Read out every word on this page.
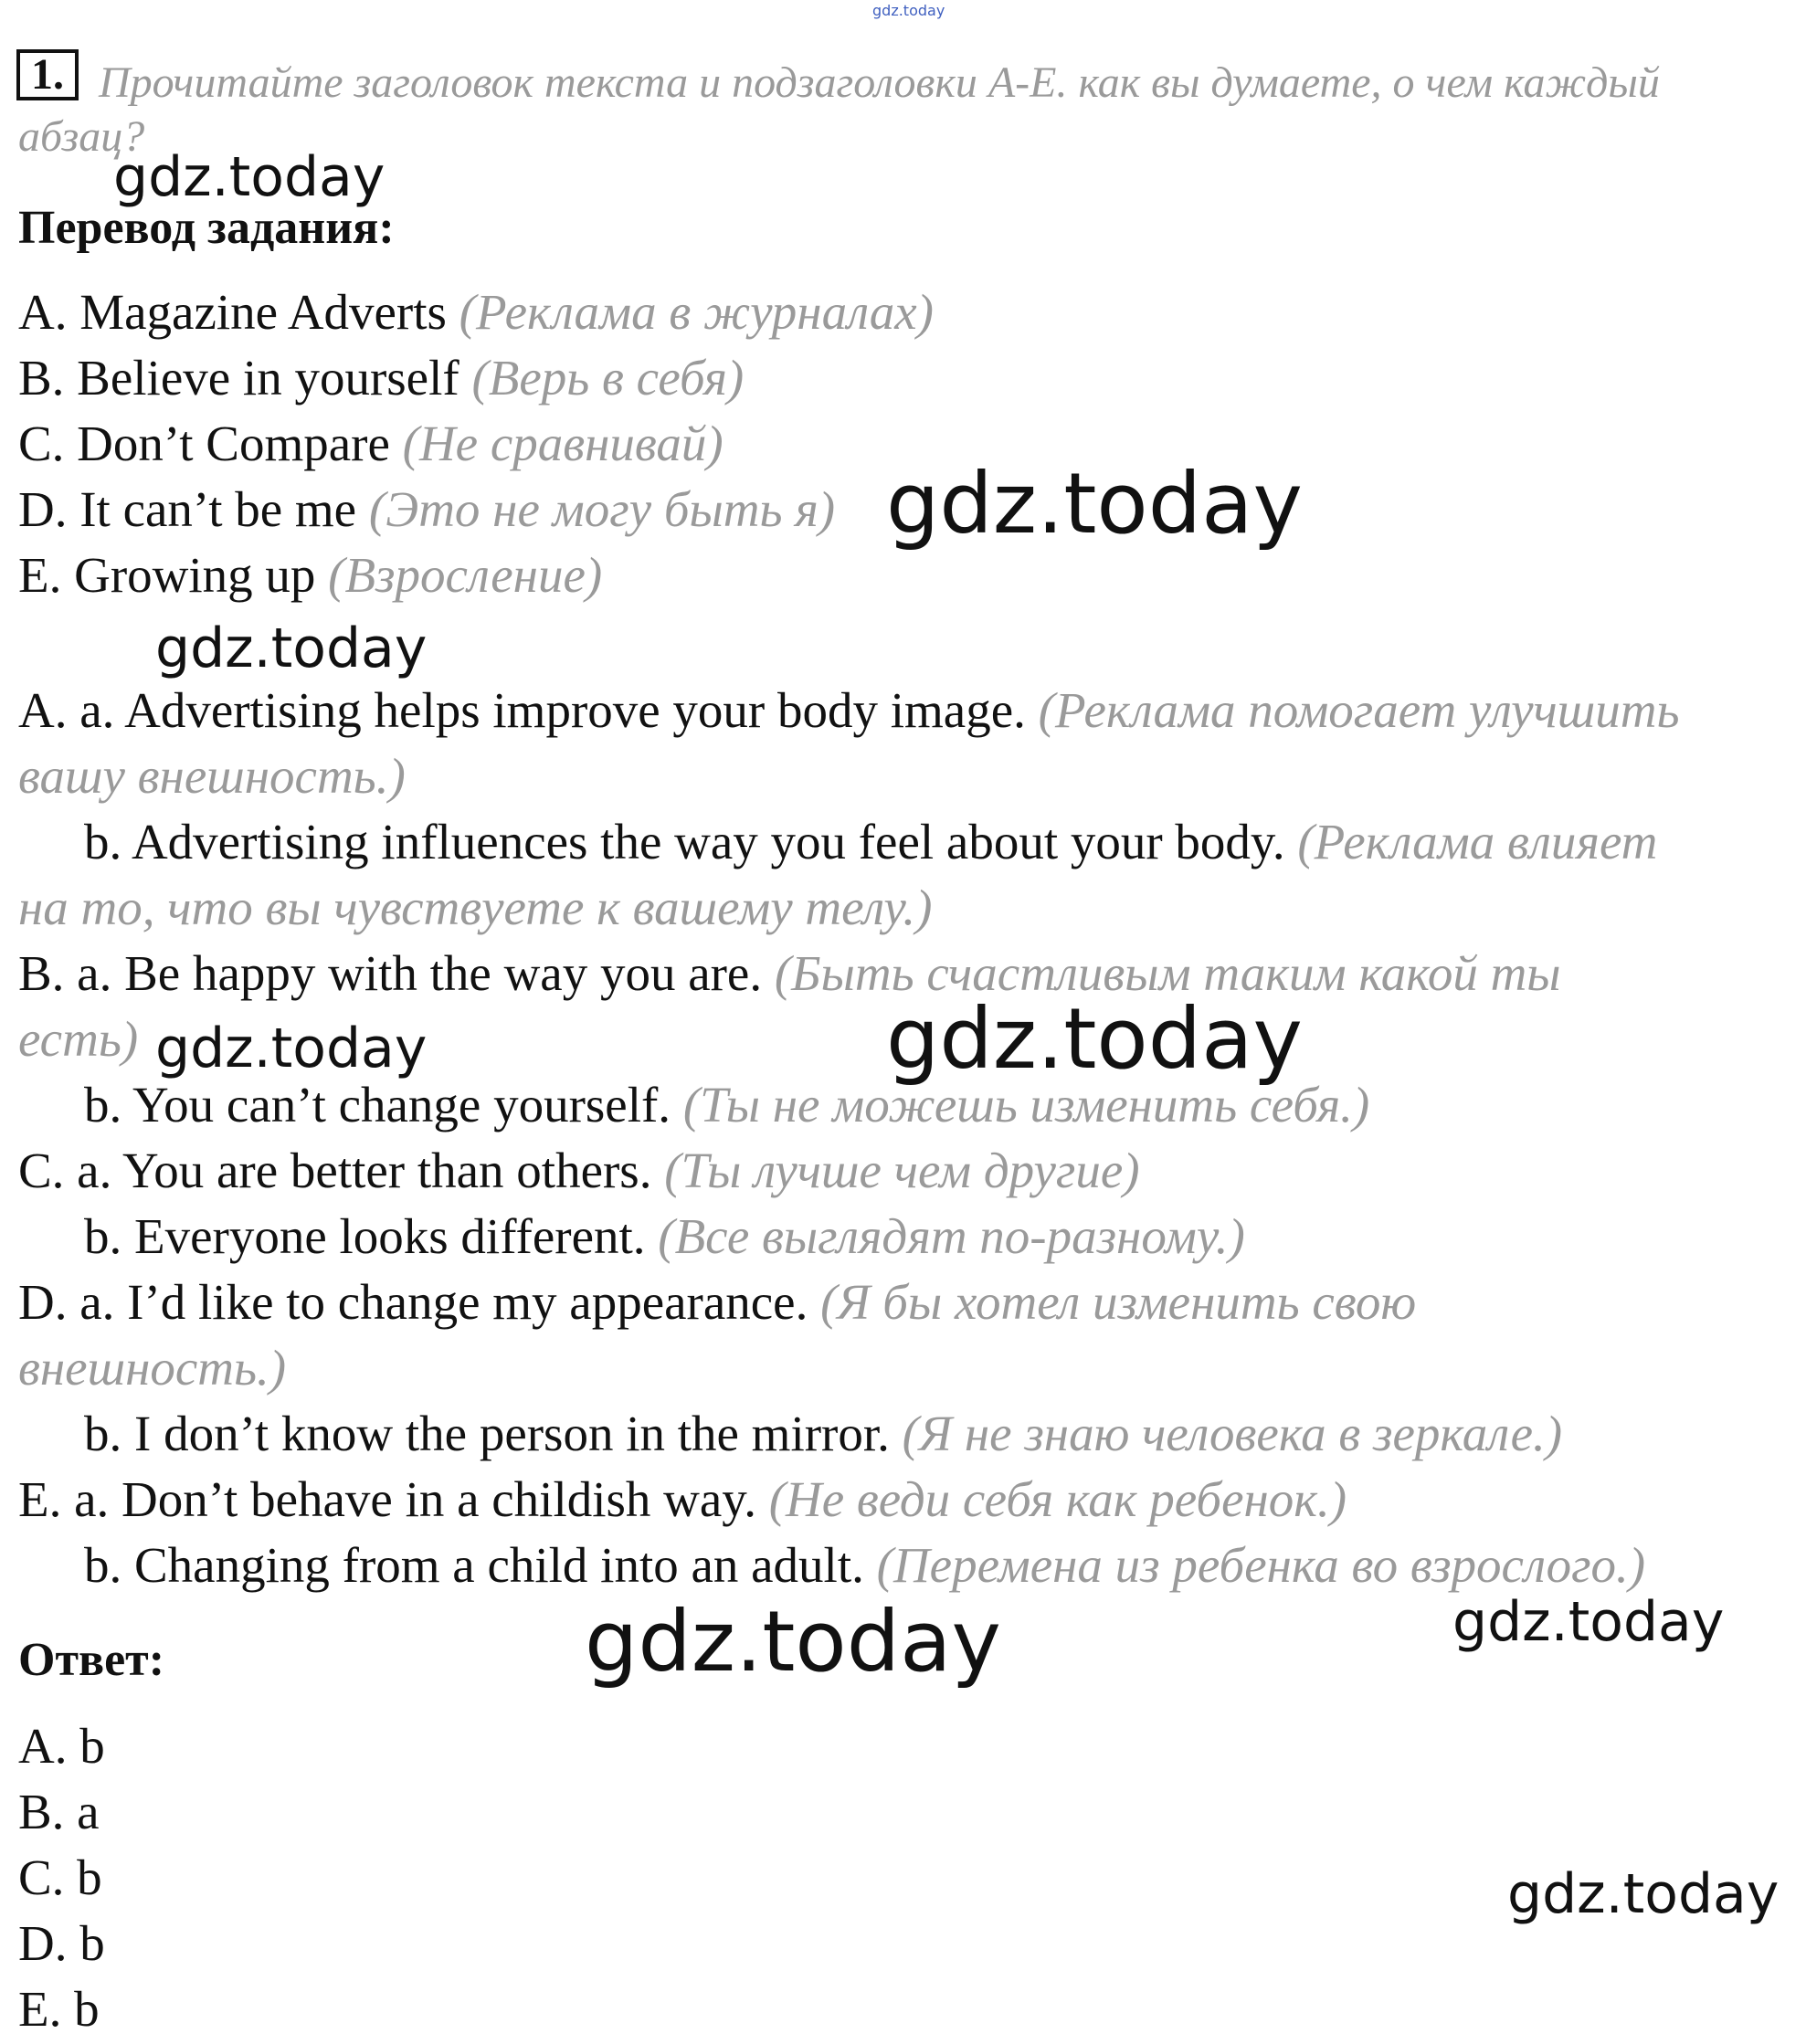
gdz.today
1. Прочитайте заголовок текста и подзаголовки A-E. как вы думаете, о чем каждый
абзац?
Перевод задания:
A. Magazine Adverts (Реклама в журналах)
B. Believe in yourself (Верь в себя)
C. Don’t Compare (Не сравнивай)
D. It can’t be me (Это не могу быть я)
E. Growing up (Взросление)
A. a. Advertising helps improve your body image. (Реклама помогает улучшить
вашу внешность.)
b. Advertising influences the way you feel about your body. (Реклама влияет
на то, что вы чувствуете к вашему телу.)
B. a. Be happy with the way you are. (Быть счастливым таким какой ты
есть)
b. You can’t change yourself. (Ты не можешь изменить себя.)
C. a. You are better than others. (Ты лучше чем другие)
b. Everyone looks different. (Все выглядят по-разному.)
D. a. I’d like to change my appearance. (Я бы хотел изменить свою
внешность.)
b. I don’t know the person in the mirror. (Я не знаю человека в зеркале.)
E. a. Don’t behave in a childish way. (Не веди себя как ребенок.)
b. Changing from a child into an adult. (Перемена из ребенка во взрослого.)
Ответ:
A. b
B. a
C. b
D. b
E. b
gdz.today
gdz.today
gdz.today
gdz.today	gdz.today
gdz.today	gdz.today
gdz.today
